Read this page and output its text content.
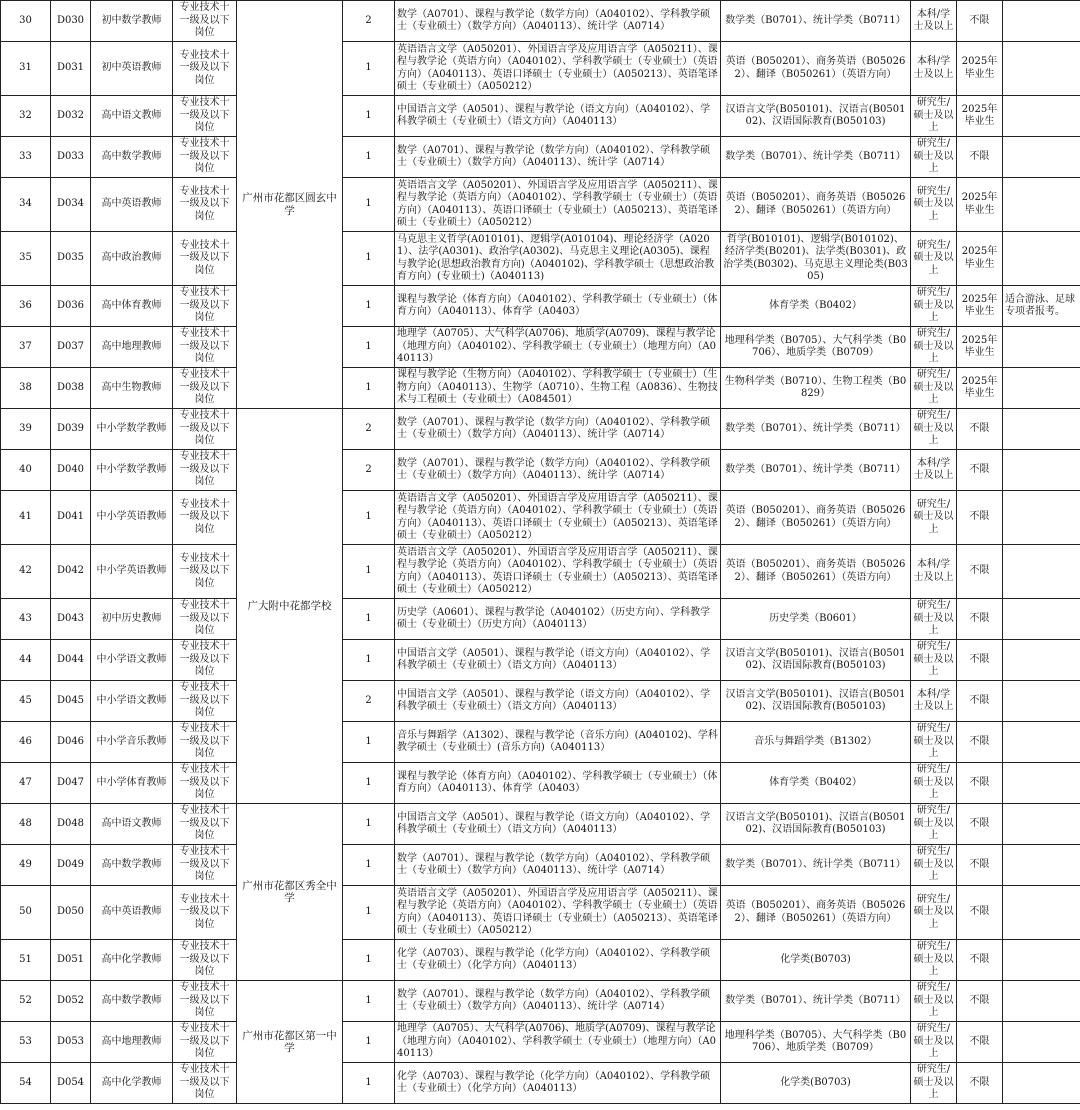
30	D030	初中数学教师	专业技术十一级及以下岗位	广州市花都区圆玄中学	2	数学（A0701）、课程与教学论（数学方向）（A040102）、学科教学硕士（专业硕士）（数学方向）（A040113）、统计学（A0714）	数学类（B0701）、统计学类（B0711）	本科/学士及以上	不限	
31	D031	初中英语教师	专业技术十一级及以下岗位		1	英语语言文学（A050201）、外国语言学及应用语言学（A050211）、课程与教学论（英语方向）（A040102）、学科教学硕士（专业硕士）（英语方向）（A040113）、英语口译硕士（专业硕士）（A050213）、英语笔译硕士（专业硕士）（A050212）	英语（B050201）、商务英语（B050262）、翻译（B050261）（英语方向）	本科/学士及以上	2025年毕业生	
32	D032	高中语文教师	专业技术十一级及以下岗位		1	中国语言文学（A0501）、课程与教学论（语文方向）（A040102）、学科教学硕士（专业硕士）（语文方向）（A040113）	汉语言文学(B050101)、汉语言(B050102)、汉语国际教育(B050103)	研究生/硕士及以上	2025年毕业生	
33	D033	高中数学教师	专业技术十一级及以下岗位		1	数学（A0701）、课程与教学论（数学方向）（A040102）、学科教学硕士（专业硕士）（数学方向）（A040113）、统计学（A0714）	数学类（B0701）、统计学类（B0711）	研究生/硕士及以上	不限	
34	D034	高中英语教师	专业技术十一级及以下岗位		1	英语语言文学（A050201）、外国语言学及应用语言学（A050211）、课程与教学论（英语方向）（A040102）、学科教学硕士（专业硕士）（英语方向）（A040113）、英语口译硕士（专业硕士）（A050213）、英语笔译硕士（专业硕士）（A050212）	英语（B050201）、商务英语（B050262）、翻译（B050261）（英语方向）	研究生/硕士及以上	2025年毕业生	
35	D035	高中政治教师	专业技术十一级及以下岗位		1	马克思主义哲学(A010101)、逻辑学(A010104)、理论经济学（A0201）、法学(A0301)、政治学(A0302)、马克思主义理论(A0305)、课程与教学论(思想政治教育方向)（A040102)、学科教学硕士（思想政治教育方向）(专业硕士)（A040113)	哲学(B010101)、逻辑学(B010102)、经济学类(B0201)、法学类(B0301)、政治学类(B0302)、马克思主义理论类(B0305)	研究生/硕士及以上	2025年毕业生	
36	D036	高中体育教师	专业技术十一级及以下岗位		1	课程与教学论（体育方向）（A040102）、学科教学硕士（专业硕士）（体育方向）（A040113）、体育学（A0403）	体育学类（B0402）	研究生/硕士及以上	2025年毕业生	适合游泳、足球专项者报考。
37	D037	高中地理教师	专业技术十一级及以下岗位		1	地理学（A0705）、大气科学(A0706)、地质学(A0709)、课程与教学论（地理方向）（A040102）、学科教学硕士（专业硕士）（地理方向）（A040113）	地理科学类（B0705）、大气科学类（B0706）、地质学类（B0709）	研究生/硕士及以上	2025年毕业生	
38	D038	高中生物教师	专业技术十一级及以下岗位		1	课程与教学论（生物方向）（A040102）、学科教学硕士（专业硕士）（生物方向）（A040113）、生物学（A0710）、生物工程（A0836）、生物技术与工程硕士（专业硕士）（A084501）	生物科学类（B0710）、生物工程类（B0829）	研究生/硕士及以上	2025年毕业生	
39	D039	中小学数学教师	专业技术十一级及以下岗位	广大附中花都学校	2	数学（A0701）、课程与教学论（数学方向）（A040102）、学科教学硕士（专业硕士）（数学方向）（A040113）、统计学（A0714）	数学类（B0701）、统计学类（B0711）	研究生/硕士及以上	不限	
40	D040	中小学数学教师	专业技术十一级及以下岗位		2	数学（A0701）、课程与教学论（数学方向）（A040102）、学科教学硕士（专业硕士）（数学方向）（A040113）、统计学（A0714）	数学类（B0701）、统计学类（B0711）	本科/学士及以上	不限	
41	D041	中小学英语教师	专业技术十一级及以下岗位		1	英语语言文学（A050201）、外国语言学及应用语言学（A050211）、课程与教学论（英语方向）（A040102）、学科教学硕士（专业硕士）（英语方向）（A040113）、英语口译硕士（专业硕士）（A050213）、英语笔译硕士（专业硕士）（A050212）	英语（B050201）、商务英语（B050262）、翻译（B050261）（英语方向）	研究生/硕士及以上	不限	
42	D042	中小学英语教师	专业技术十一级及以下岗位		1	英语语言文学（A050201）、外国语言学及应用语言学（A050211）、课程与教学论（英语方向）（A040102）、学科教学硕士（专业硕士）（英语方向）（A040113）、英语口译硕士（专业硕士）（A050213）、英语笔译硕士（专业硕士）（A050212）	英语（B050201）、商务英语（B050262）、翻译（B050261）（英语方向）	本科/学士及以上	不限	
43	D043	初中历史教师	专业技术十一级及以下岗位		1	历史学（A0601）、课程与教学论（A040102）（历史方向）、学科教学硕士（专业硕士）（历史方向）（A040113）	历史学类（B0601）	研究生/硕士及以上	不限	
44	D044	中小学语文教师	专业技术十一级及以下岗位		1	中国语言文学（A0501）、课程与教学论（语文方向）（A040102）、学科教学硕士（专业硕士）（语文方向）（A040113）	汉语言文学(B050101)、汉语言(B050102)、汉语国际教育(B050103)	研究生/硕士及以上	不限	
45	D045	中小学语文教师	专业技术十一级及以下岗位		2	中国语言文学（A0501）、课程与教学论（语文方向）（A040102）、学科教学硕士（专业硕士）（语文方向）（A040113）	汉语言文学(B050101)、汉语言(B050102)、汉语国际教育(B050103)	本科/学士及以上	不限	
46	D046	中小学音乐教师	专业技术十一级及以下岗位		1	音乐与舞蹈学（A1302）、课程与教学论（音乐方向）(A040102)、学科教学硕士（专业硕士）(音乐方向)（A040113）	音乐与舞蹈学类（B1302）	研究生/硕士及以上	不限	
47	D047	中小学体育教师	专业技术十一级及以下岗位		1	课程与教学论（体育方向）（A040102）、学科教学硕士（专业硕士）（体育方向）（A040113）、体育学（A0403）	体育学类（B0402）	研究生/硕士及以上	不限	
48	D048	高中语文教师	专业技术十一级及以下岗位	广州市花都区秀全中学	1	中国语言文学（A0501）、课程与教学论（语文方向）（A040102）、学科教学硕士（专业硕士）（语文方向）（A040113）	汉语言文学(B050101)、汉语言(B050102)、汉语国际教育(B050103)	研究生/硕士及以上	不限	
49	D049	高中数学教师	专业技术十一级及以下岗位		1	数学（A0701）、课程与教学论（数学方向）（A040102）、学科教学硕士（专业硕士）（数学方向）（A040113）、统计学（A0714）	数学类（B0701）、统计学类（B0711）	研究生/硕士及以上	不限	
50	D050	高中英语教师	专业技术十一级及以下岗位		1	英语语言文学（A050201）、外国语言学及应用语言学（A050211）、课程与教学论（英语方向）（A040102）、学科教学硕士（专业硕士）（英语方向）（A040113）、英语口译硕士（专业硕士）（A050213）、英语笔译硕士（专业硕士）（A050212）	英语（B050201）、商务英语（B050262）、翻译（B050261）（英语方向）	研究生/硕士及以上	不限	
51	D051	高中化学教师	专业技术十一级及以下岗位		1	化学（A0703）、课程与教学论（化学方向）（A040102）、学科教学硕士（专业硕士）（化学方向）（A040113）	化学类(B0703)	研究生/硕士及以上	不限	
52	D052	高中数学教师	专业技术十一级及以下岗位	广州市花都区第一中学	1	数学（A0701）、课程与教学论（数学方向）（A040102）、学科教学硕士（专业硕士）（数学方向）（A040113）、统计学（A0714）	数学类（B0701）、统计学类（B0711）	研究生/硕士及以上	不限	
53	D053	高中地理教师	专业技术十一级及以下岗位		1	地理学（A0705）、大气科学(A0706)、地质学(A0709)、课程与教学论（地理方向）（A040102）、学科教学硕士（专业硕士）（地理方向）（A040113）	地理科学类（B0705）、大气科学类（B0706）、地质学类（B0709）	研究生/硕士及以上	不限	
54	D054	高中化学教师	专业技术十一级及以下岗位		1	化学（A0703）、课程与教学论（化学方向）（A040102）、学科教学硕士（专业硕士）（化学方向）（A040113）	化学类(B0703)	研究生/硕士及以上	不限	
